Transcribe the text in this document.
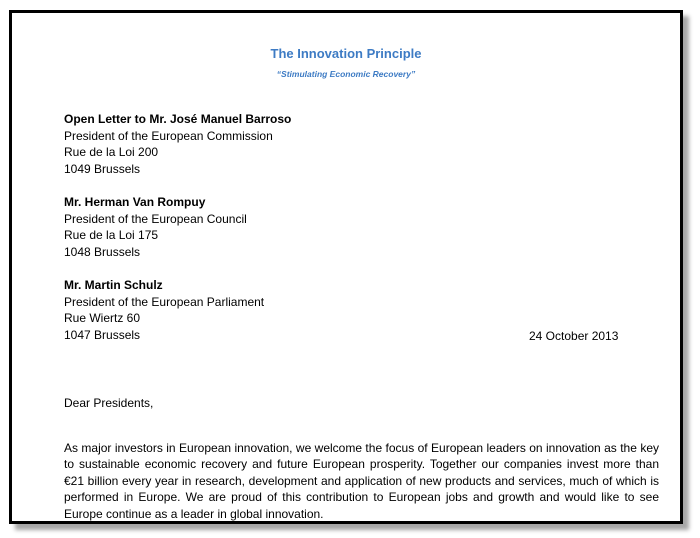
The Innovation Principle
“Stimulating Economic Recovery”
Open Letter to Mr. José Manuel Barroso
President of the European Commission
Rue de la Loi 200
1049 Brussels
Mr. Herman Van Rompuy
President of the European Council
Rue de la Loi 175
1048 Brussels
Mr. Martin Schulz
President of the European Parliament
Rue Wiertz 60
1047 Brussels	24 October 2013
Dear Presidents,
As major investors in European innovation, we welcome the focus of European leaders on innovation as the key to sustainable economic recovery and future European prosperity. Together our companies invest more than €21 billion every year in research, development and application of new products and services, much of which is performed in Europe. We are proud of this contribution to European jobs and growth and would like to see Europe continue as a leader in global innovation.
